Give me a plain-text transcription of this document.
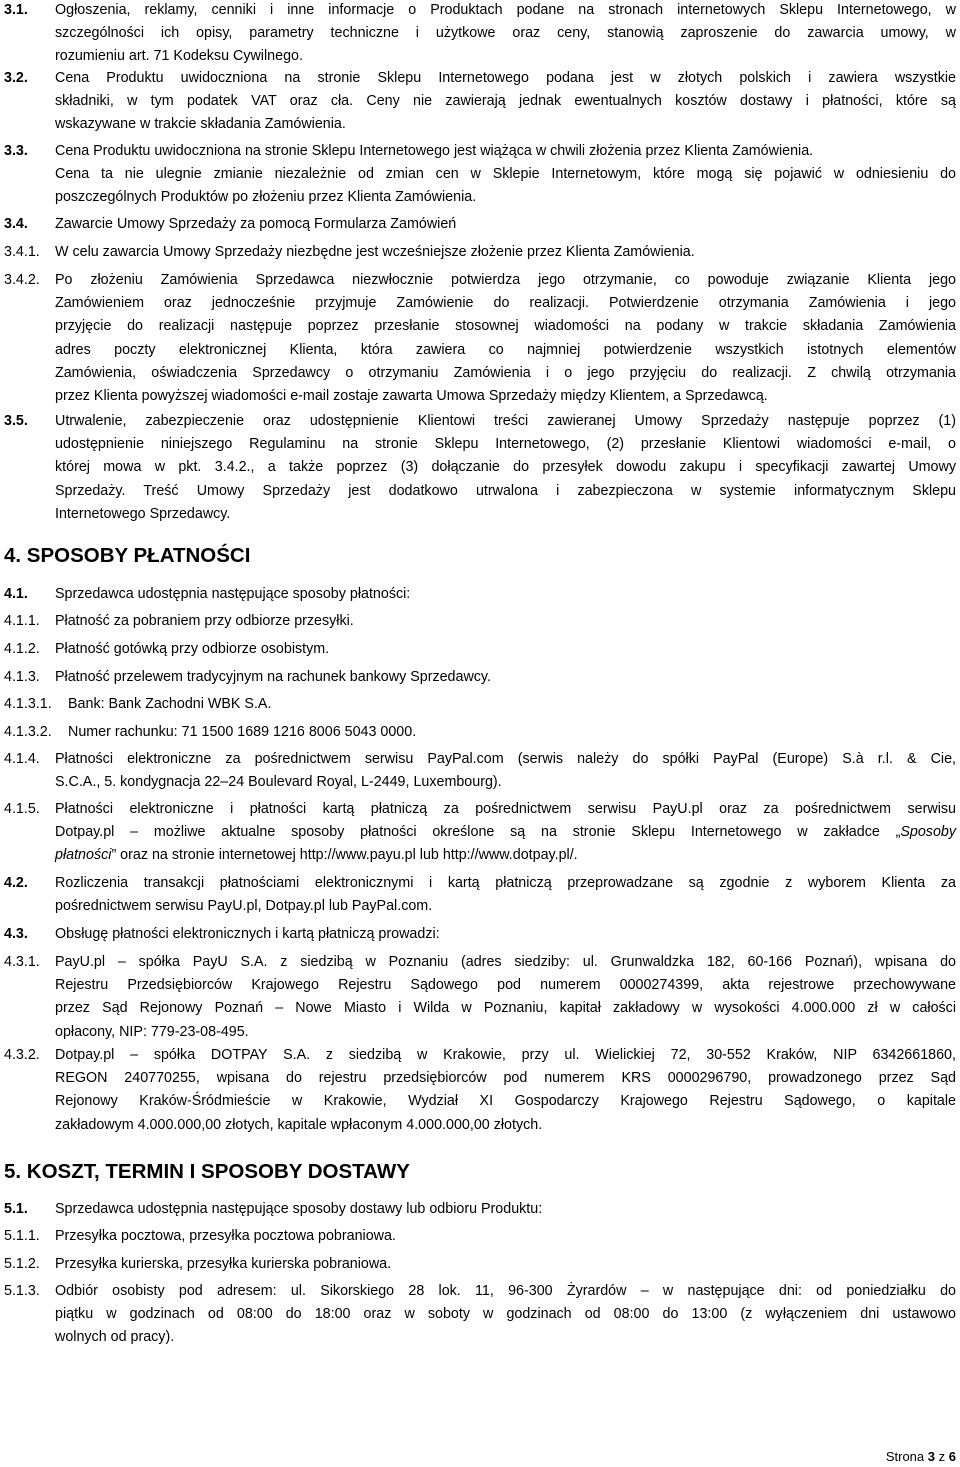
3.1. Ogłoszenia, reklamy, cenniki i inne informacje o Produktach podane na stronach internetowych Sklepu Internetowego, w
szczególności ich opisy, parametry techniczne i użytkowe oraz ceny, stanowią zaproszenie do zawarcia umowy, w
rozumieniu art. 71 Kodeksu Cywilnego.
3.2. Cena Produktu uwidoczniona na stronie Sklepu Internetowego podana jest w złotych polskich i zawiera wszystkie
składniki, w tym podatek VAT oraz cła. Ceny nie zawierają jednak ewentualnych kosztów dostawy i płatności, które są
wskazywane w trakcie składania Zamówienia.
3.3. Cena Produktu uwidoczniona na stronie Sklepu Internetowego jest wiążąca w chwili złożenia przez Klienta Zamówienia.
Cena ta nie ulegnie zmianie niezależnie od zmian cen w Sklepie Internetowym, które mogą się pojawić w odniesieniu do
poszczególnych Produktów po złożeniu przez Klienta Zamówienia.
3.4. Zawarcie Umowy Sprzedaży za pomocą Formularza Zamówień
3.4.1. W celu zawarcia Umowy Sprzedaży niezbędne jest wcześniejsze złożenie przez Klienta Zamówienia.
3.4.2. Po złożeniu Zamówienia Sprzedawca niezwłocznie potwierdza jego otrzymanie, co powoduje związanie Klienta jego
Zamówieniem oraz jednocześnie przyjmuje Zamówienie do realizacji. Potwierdzenie otrzymania Zamówienia i jego
przyjęcie do realizacji następuje poprzez przesłanie stosownej wiadomości na podany w trakcie składania Zamówienia
adres poczty elektronicznej Klienta, która zawiera co najmniej potwierdzenie wszystkich istotnych elementów
Zamówienia, oświadczenia Sprzedawcy o otrzymaniu Zamówienia i o jego przyjęciu do realizacji. Z chwilą otrzymania
przez Klienta powyższej wiadomości e-mail zostaje zawarta Umowa Sprzedaży między Klientem, a Sprzedawcą.
3.5. Utrwalenie, zabezpieczenie oraz udostępnienie Klientowi treści zawieranej Umowy Sprzedaży następuje poprzez (1)
udostępnienie niniejszego Regulaminu na stronie Sklepu Internetowego, (2) przesłanie Klientowi wiadomości e-mail, o
której mowa w pkt. 3.4.2., a także poprzez (3) dołączanie do przesyłek dowodu zakupu i specyfikacji zawartej Umowy
Sprzedaży. Treść Umowy Sprzedaży jest dodatkowo utrwalona i zabezpieczona w systemie informatycznym Sklepu
Internetowego Sprzedawcy.
4. SPOSOBY PŁATNOŚCI
4.1. Sprzedawca udostępnia następujące sposoby płatności:
4.1.1. Płatność za pobraniem przy odbiorze przesyłki.
4.1.2. Płatność gotówką przy odbiorze osobistym.
4.1.3. Płatność przelewem tradycyjnym na rachunek bankowy Sprzedawcy.
4.1.3.1. Bank: Bank Zachodni WBK S.A.
4.1.3.2. Numer rachunku: 71 1500 1689 1216 8006 5043 0000.
4.1.4. Płatności elektroniczne za pośrednictwem serwisu PayPal.com (serwis należy do spółki PayPal (Europe) S.à r.l. & Cie,
S.C.A., 5. kondygnacja 22–24 Boulevard Royal, L-2449, Luxembourg).
4.1.5. Płatności elektroniczne i płatności kartą płatniczą za pośrednictwem serwisu PayU.pl oraz za pośrednictwem serwisu
Dotpay.pl – możliwe aktualne sposoby płatności określone są na stronie Sklepu Internetowego w zakładce „Sposoby
płatności” oraz na stronie internetowej http://www.payu.pl lub http://www.dotpay.pl/.
4.2. Rozliczenia transakcji płatnościami elektronicznymi i kartą płatniczą przeprowadzane są zgodnie z wyborem Klienta za
pośrednictwem serwisu PayU.pl, Dotpay.pl lub PayPal.com.
4.3. Obsługę płatności elektronicznych i kartą płatniczą prowadzi:
4.3.1. PayU.pl – spółka PayU S.A. z siedzibą w Poznaniu (adres siedziby: ul. Grunwaldzka 182, 60-166 Poznań), wpisana do
Rejestru Przedsiębiorców Krajowego Rejestru Sądowego pod numerem 0000274399, akta rejestrowe przechowywane
przez Sąd Rejonowy Poznań – Nowe Miasto i Wilda w Poznaniu, kapitał zakładowy w wysokości 4.000.000 zł w całości
opłacony, NIP: 779-23-08-495.
4.3.2. Dotpay.pl – spółka DOTPAY S.A. z siedzibą w Krakowie, przy ul. Wielickiej 72, 30-552 Kraków, NIP 6342661860,
REGON 240770255, wpisana do rejestru przedsiębiorców pod numerem KRS 0000296790, prowadzonego przez Sąd
Rejonowy Kraków-Śródmieście w Krakowie, Wydział XI Gospodarczy Krajowego Rejestru Sądowego, o kapitale
zakładowym 4.000.000,00 złotych, kapitale wpłaconym 4.000.000,00 złotych.
5. KOSZT, TERMIN I SPOSOBY DOSTAWY
5.1. Sprzedawca udostępnia następujące sposoby dostawy lub odbioru Produktu:
5.1.1. Przesyłka pocztowa, przesyłka pocztowa pobraniowa.
5.1.2. Przesyłka kurierska, przesyłka kurierska pobraniowa.
5.1.3. Odbiór osobisty pod adresem: ul. Sikorskiego 28 lok. 11, 96-300 Żyrardów – w następujące dni: od poniedziałku do
piątku w godzinach od 08:00 do 18:00 oraz w soboty w godzinach od 08:00 do 13:00 (z wyłączeniem dni ustawowo
wolnych od pracy).
Strona 3 z 6
